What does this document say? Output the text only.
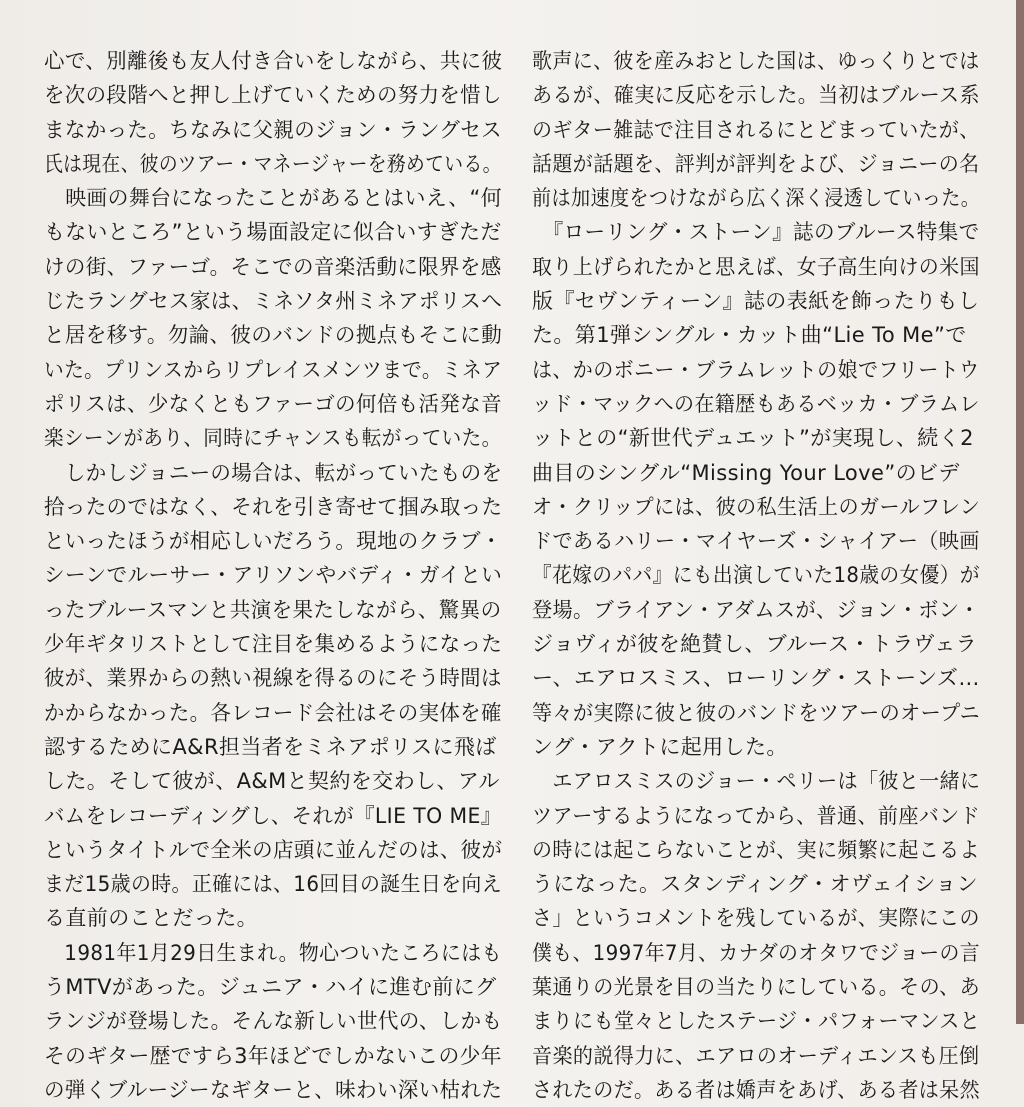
心で、別離後も友人付き合いをしながら、共に彼
を次の段階へと押し上げていくための努力を惜し
まなかった。ちなみに父親のジョン・ラングセス
氏は現在、彼のツアー・マネージャーを務めている。
　映画の舞台になったことがあるとはいえ、“何
もないところ”という場面設定に似合いすぎただ
けの街、ファーゴ。そこでの音楽活動に限界を感
じたラングセス家は、ミネソタ州ミネアポリスへ
と居を移す。勿論、彼のバンドの拠点もそこに動
いた。プリンスからリプレイスメンツまで。ミネア
ポリスは、少なくともファーゴの何倍も活発な音
楽シーンがあり、同時にチャンスも転がっていた。
　しかしジョニーの場合は、転がっていたものを
拾ったのではなく、それを引き寄せて掴み取った
といったほうが相応しいだろう。現地のクラブ・
シーンでルーサー・アリソンやバディ・ガイとい
ったブルースマンと共演を果たしながら、驚異の
少年ギタリストとして注目を集めるようになった
彼が、業界からの熱い視線を得るのにそう時間は
かからなかった。各レコード会社はその実体を確
認するためにA&R担当者をミネアポリスに飛ば
した。そして彼が、A&Mと契約を交わし、アル
バムをレコーディングし、それが『LIE TO ME』
というタイトルで全米の店頭に並んだのは、彼が
まだ15歳の時。正確には、16回目の誕生日を向え
る直前のことだった。
　1981年1月29日生まれ。物心ついたころにはも
うMTVがあった。ジュニア・ハイに進む前にグ
ランジが登場した。そんな新しい世代の、しかも
そのギター歴ですら3年ほどでしかないこの少年
の弾くブルージーなギターと、味わい深い枯れた
歌声に、彼を産みおとした国は、ゆっくりとでは
あるが、確実に反応を示した。当初はブルース系
のギター雑誌で注目されるにとどまっていたが、
話題が話題を、評判が評判をよび、ジョニーの名
前は加速度をつけながら広く深く浸透していった。
　『ローリング・ストーン』誌のブルース特集で
取り上げられたかと思えば、女子高生向けの米国
版『セヴンティーン』誌の表紙を飾ったりもし
た。第1弾シングル・カット曲“Lie To Me”で
は、かのボニー・ブラムレットの娘でフリートウ
ッド・マックへの在籍歴もあるベッカ・ブラムレ
ットとの“新世代デュエット”が実現し、続く2
曲目のシングル“Missing Your Love”のビデ
オ・クリップには、彼の私生活上のガールフレン
ドであるハリー・マイヤーズ・シャイアー（映画
『花嫁のパパ』にも出演していた18歳の女優）が
登場。ブライアン・アダムスが、ジョン・ボン・
ジョヴィが彼を絶賛し、ブルース・トラヴェラ
ー、エアロスミス、ローリング・ストーンズ…
等々が実際に彼と彼のバンドをツアーのオープニ
ング・アクトに起用した。
　エアロスミスのジョー・ペリーは「彼と一緒に
ツアーするようになってから、普通、前座バンド
の時には起こらないことが、実に頻繁に起こるよ
うになった。スタンディング・オヴェイション
さ」というコメントを残しているが、実際にこの
僕も、1997年7月、カナダのオタワでジョーの言
葉通りの光景を目の当たりにしている。その、あ
まりにも堂々としたステージ・パフォーマンスと
音楽的説得力に、エアロのオーディエンスも圧倒
されたのだ。ある者は嬌声をあげ、ある者は呆然
